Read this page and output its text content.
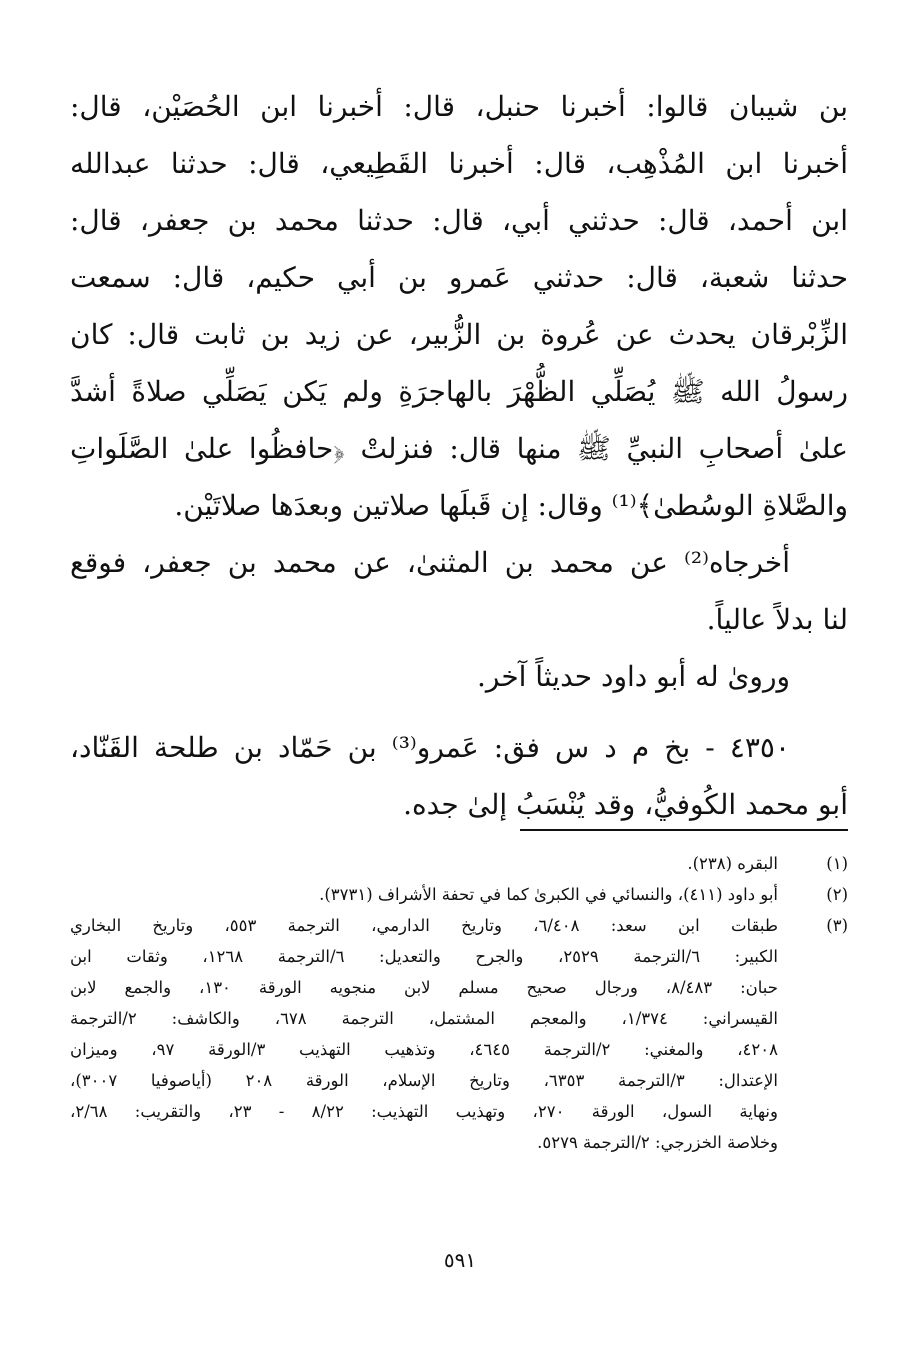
بن شيبان قالوا: أخبرنا حنبل، قال: أخبرنا ابن الحُصَيْن، قال:
أخبرنا ابن المُذْهِب، قال: أخبرنا القَطِيعي، قال: حدثنا عبدالله
ابن أحمد، قال: حدثني أبي، قال: حدثنا محمد بن جعفر، قال:
حدثنا شعبة، قال: حدثني عَمرو بن أبي حكيم، قال: سمعت
الزِّبْرقان يحدث عن عُروة بن الزُّبير، عن زيد بن ثابت قال: كان
رسولُ الله ﷺ يُصَلِّي الظُّهْرَ بالهاجرَةِ ولم يَكن يَصَلِّي صلاةً أشدَّ
علىٰ أصحابِ النبيِّ ﷺ منها قال: فنزلتْ ﴿حافظُوا علىٰ الصَّلَواتِ
والصَّلاةِ الوسُطىٰ﴾⁽¹⁾ وقال: إن قَبلَها صلاتين وبعدَها صلاتَيْن.
أخرجاه⁽²⁾ عن محمد بن المثنىٰ، عن محمد بن جعفر، فوقع
لنا بدلاً عالياً.
وروىٰ له أبو داود حديثاً آخر.
٤٣٥٠ - بخ م د س فق: عَمرو⁽³⁾ بن حَمّاد بن طلحة القَنّاد،
أبو محمد الكُوفيُّ، وقد يُنْسَبُ إلىٰ جده.
(١)
البقره (٢٣٨).
(٢)
أبو داود (٤١١)، والنسائي في الكبرىٰ كما في تحفة الأشراف (٣٧٣١).
(٣)
طبقات ابن سعد: ٦/٤٠٨، وتاريخ الدارمي، الترجمة ٥٥٣، وتاريخ البخاري
الكبير: ٦/الترجمة ٢٥٢٩، والجرح والتعديل: ٦/الترجمة ١٢٦٨، وثقات ابن
حبان: ٨/٤٨٣، ورجال صحيح مسلم لابن منجويه الورقة ١٣٠، والجمع لابن
القيسراني: ١/٣٧٤، والمعجم المشتمل، الترجمة ٦٧٨، والكاشف: ٢/الترجمة
٤٢٠٨، والمغني: ٢/الترجمة ٤٦٤٥، وتذهيب التهذيب ٣/الورقة ٩٧، وميزان
الإعتدال: ٣/الترجمة ٦٣٥٣، وتاريخ الإسلام، الورقة ٢٠٨ (أياصوفيا ٣٠٠٧)،
ونهاية السول، الورقة ٢٧٠، وتهذيب التهذيب: ٨/٢٢ - ٢٣، والتقريب: ٢/٦٨،
وخلاصة الخزرجي: ٢/الترجمة ٥٢٧٩.
٥٩١
